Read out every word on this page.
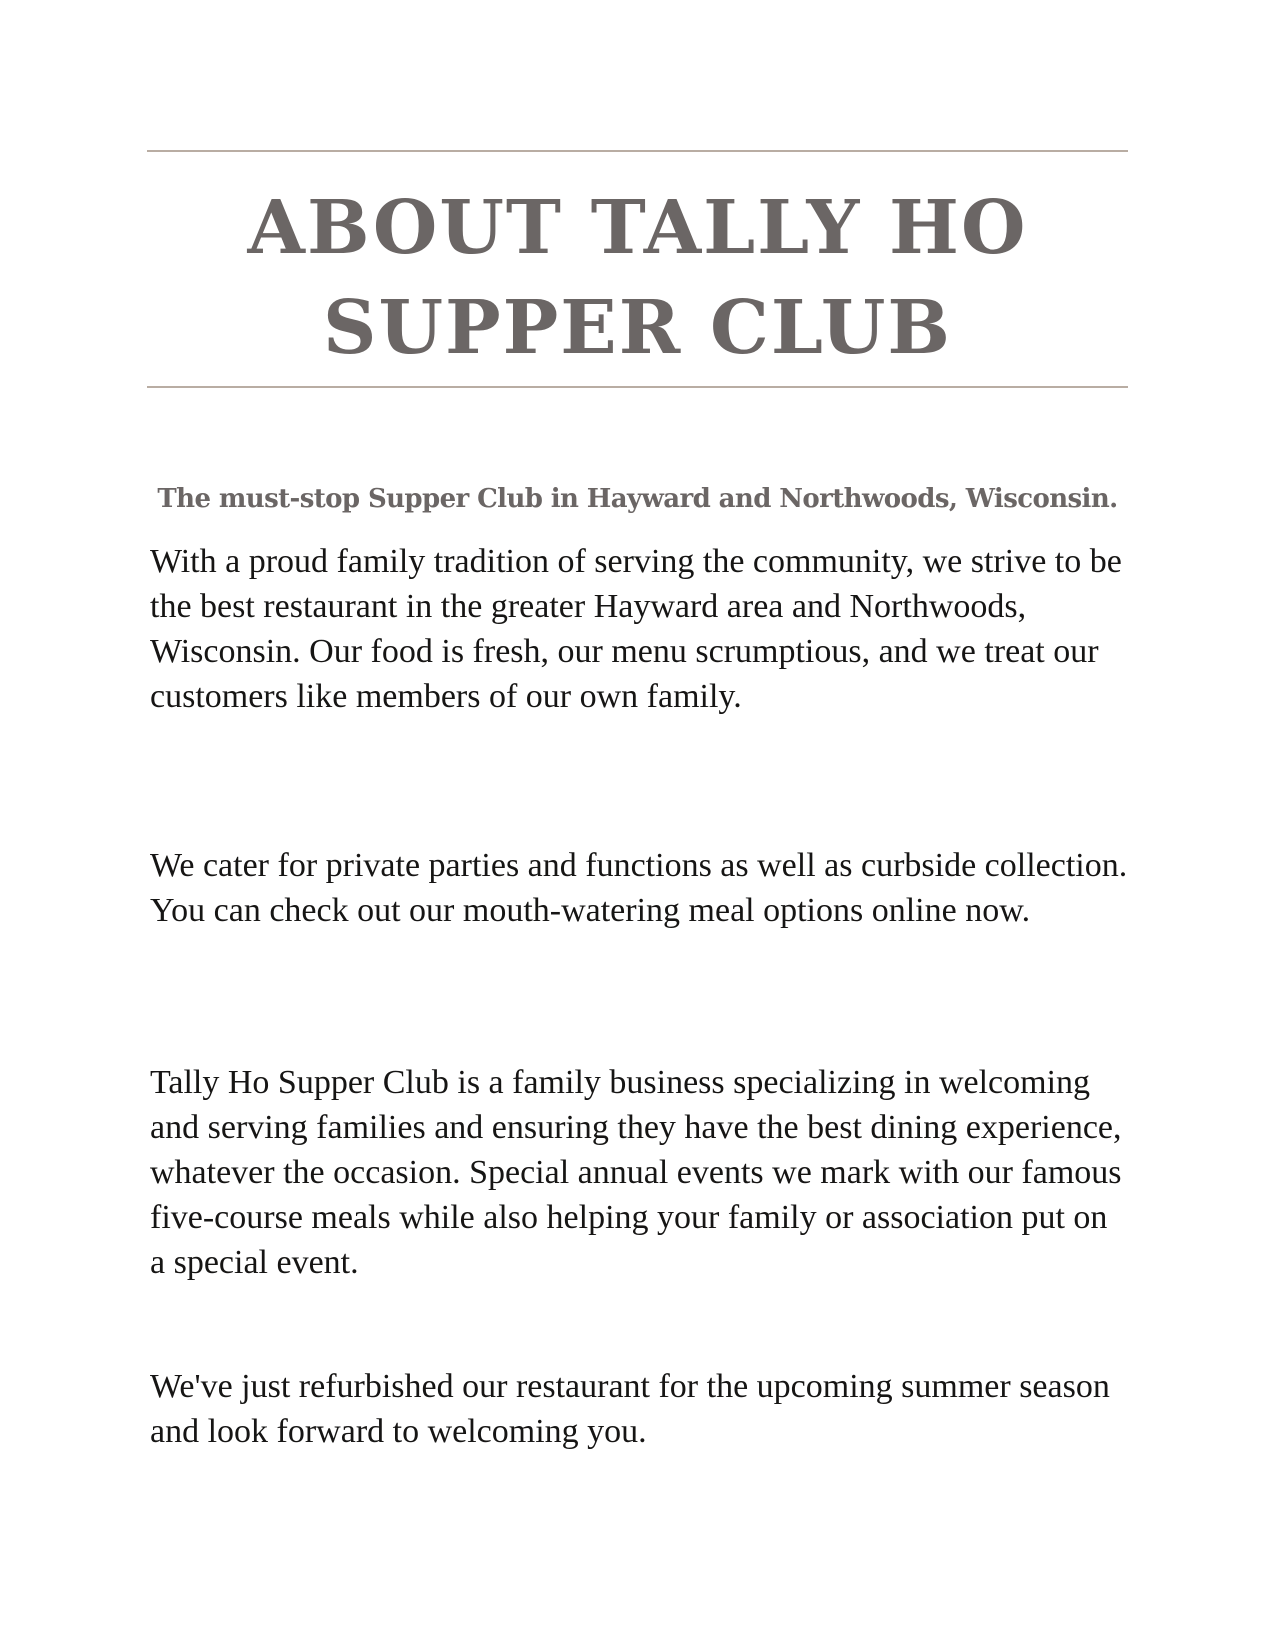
ABOUT TALLY HO SUPPER CLUB
The must-stop Supper Club in Hayward and Northwoods, Wisconsin.

With a proud family tradition of serving the community, we strive to be the best restaurant in the greater Hayward area and Northwoods, Wisconsin. Our food is fresh, our menu scrumptious, and we treat our customers like members of our own family.

We cater for private parties and functions as well as curbside collection. You can check out our mouth-watering meal options online now.

Tally Ho Supper Club is a family business specializing in welcoming and serving families and ensuring they have the best dining experience, whatever the occasion. Special annual events we mark with our famous five-course meals while also helping your family or association put on a special event.

We've just refurbished our restaurant for the upcoming summer season and look forward to welcoming you.
